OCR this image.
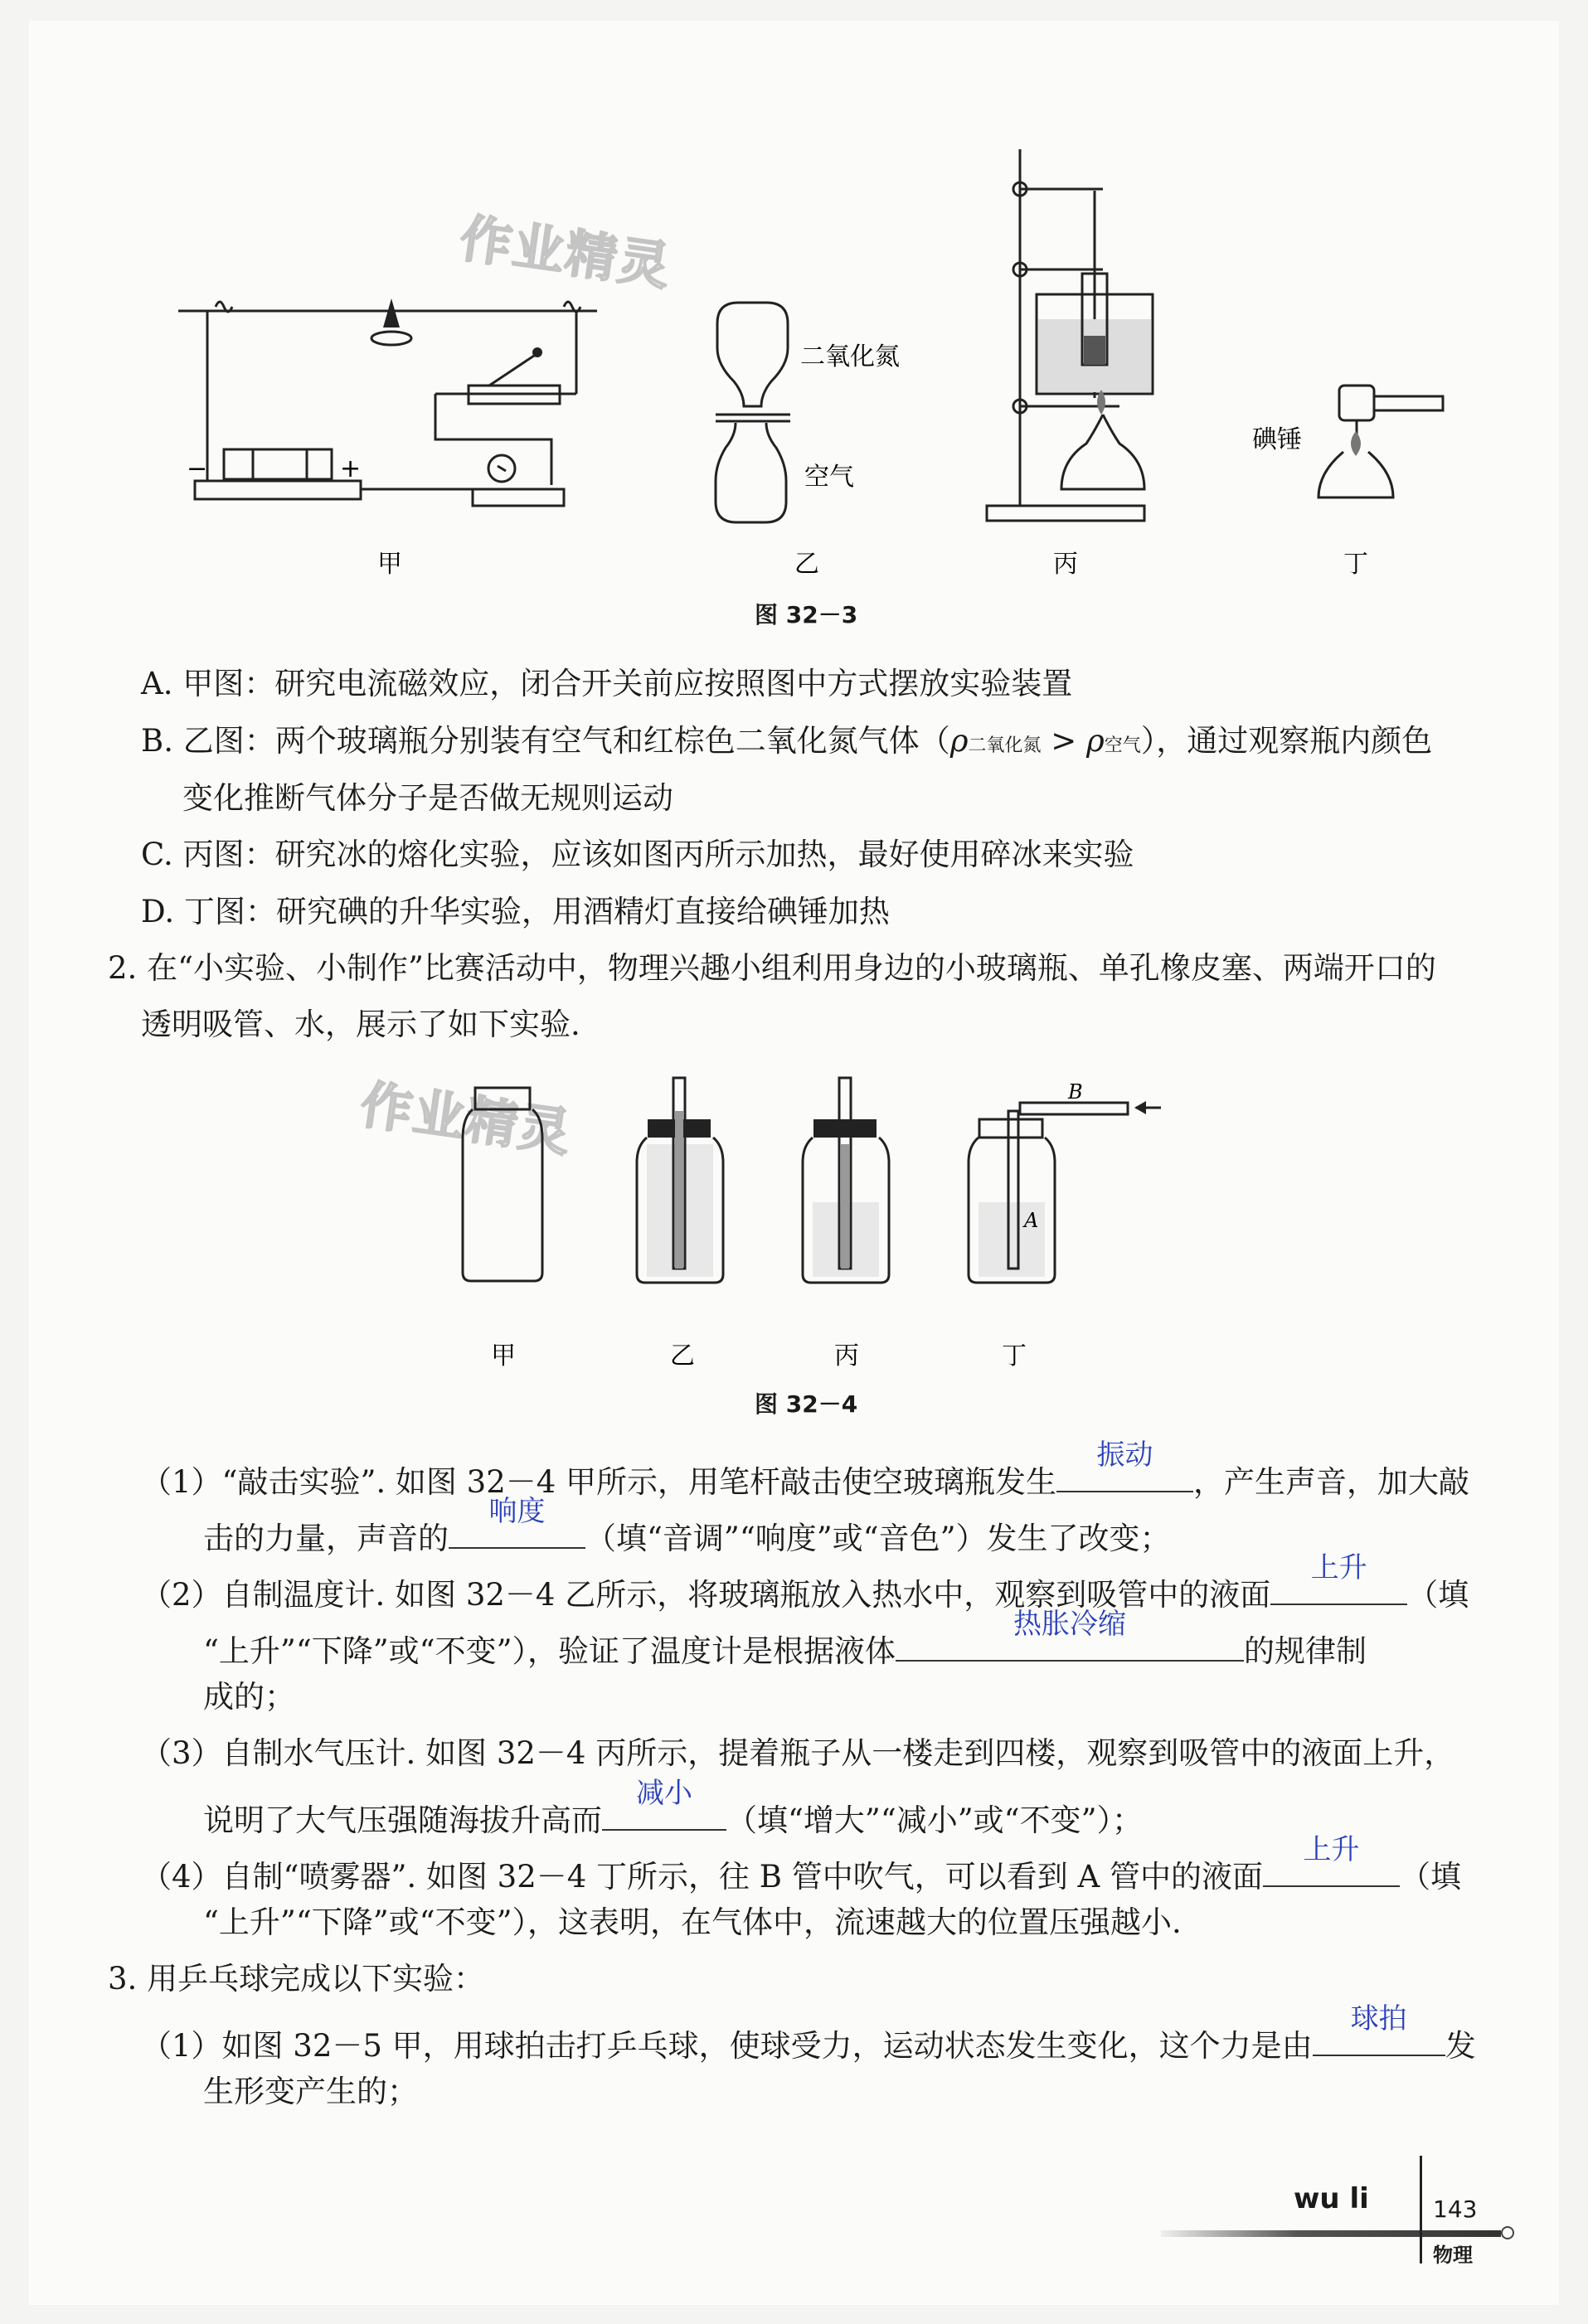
作业精灵
作业精灵
−	+
甲
二氧化氮
空气
乙	丙
碘锤
丁
图 32－3
A. 甲图：研究电流磁效应，闭合开关前应按照图中方式摆放实验装置
B. 乙图：两个玻璃瓶分别装有空气和红棕色二氧化氮气体（ρ二氧化氮 > ρ空气），通过观察瓶内颜色
变化推断气体分子是否做无规则运动
C. 丙图：研究冰的熔化实验，应该如图丙所示加热，最好使用碎冰来实验
D. 丁图：研究碘的升华实验，用酒精灯直接给碘锤加热
2. 在“小实验、小制作”比赛活动中，物理兴趣小组利用身边的小玻璃瓶、单孔橡皮塞、两端开口的
透明吸管、水，展示了如下实验.
甲	乙	丙
B
A
丁
图 32－4
（1）“敲击实验”. 如图 32－4 甲所示，用笔杆敲击使空玻璃瓶发生
振动
，产生声音，加大敲
击的力量，声音的
响度
（填“音调”“响度”或“音色”）发生了改变；
（2）自制温度计. 如图 32－4 乙所示，将玻璃瓶放入热水中，观察到吸管中的液面
上升
（填
“上升”“下降”或“不变”），验证了温度计是根据液体
热胀冷缩
的规律制
成的；
（3）自制水气压计. 如图 32－4 丙所示，提着瓶子从一楼走到四楼，观察到吸管中的液面上升，
说明了大气压强随海拔升高而
减小
（填“增大”“减小”或“不变”）；
（4）自制“喷雾器”. 如图 32－4 丁所示，往 B 管中吹气，可以看到 A 管中的液面
上升
（填
“上升”“下降”或“不变”），这表明，在气体中，流速越大的位置压强越小.
3. 用乒乓球完成以下实验：
（1）如图 32－5 甲，用球拍击打乒乓球，使球受力，运动状态发生变化，这个力是由
球拍
发
生形变产生的；
wu li	143
物理
